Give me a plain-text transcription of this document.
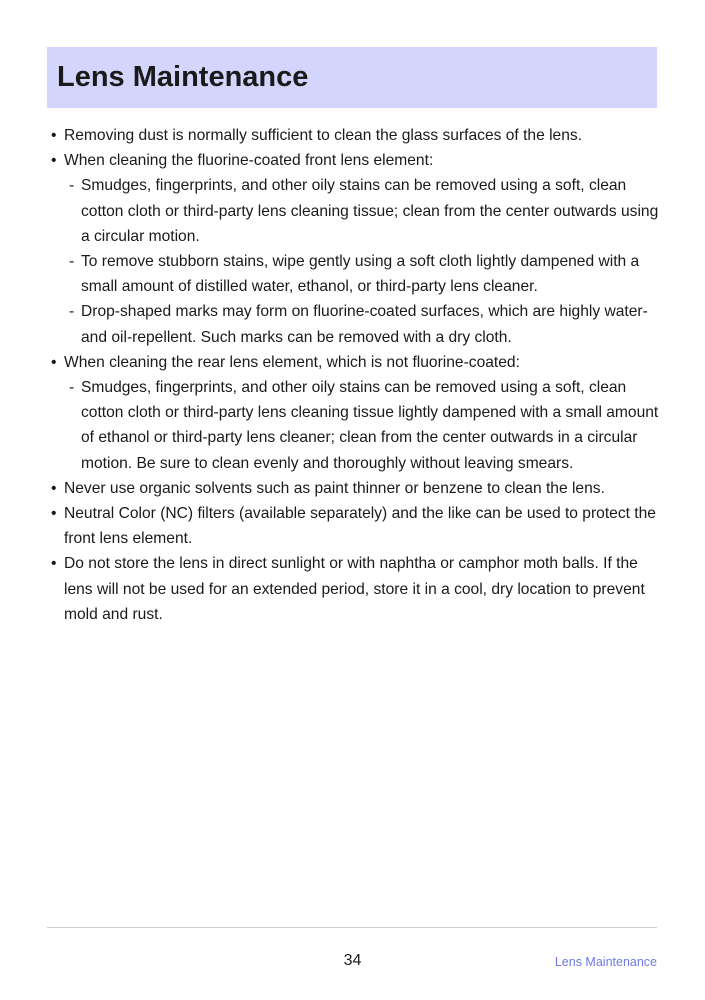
Lens Maintenance
• Removing dust is normally sufficient to clean the glass surfaces of the lens.
• When cleaning the fluorine-coated front lens element:
- Smudges, fingerprints, and other oily stains can be removed using a soft, clean cotton cloth or third-party lens cleaning tissue; clean from the center outwards using a circular motion.
- To remove stubborn stains, wipe gently using a soft cloth lightly dampened with a small amount of distilled water, ethanol, or third-party lens cleaner.
- Drop-shaped marks may form on fluorine-coated surfaces, which are highly water- and oil-repellent. Such marks can be removed with a dry cloth.
• When cleaning the rear lens element, which is not fluorine-coated:
- Smudges, fingerprints, and other oily stains can be removed using a soft, clean cotton cloth or third-party lens cleaning tissue lightly dampened with a small amount of ethanol or third-party lens cleaner; clean from the center outwards in a circular motion. Be sure to clean evenly and thoroughly without leaving smears.
• Never use organic solvents such as paint thinner or benzene to clean the lens.
• Neutral Color (NC) filters (available separately) and the like can be used to protect the front lens element.
• Do not store the lens in direct sunlight or with naphtha or camphor moth balls. If the lens will not be used for an extended period, store it in a cool, dry location to prevent mold and rust.
34	Lens Maintenance
